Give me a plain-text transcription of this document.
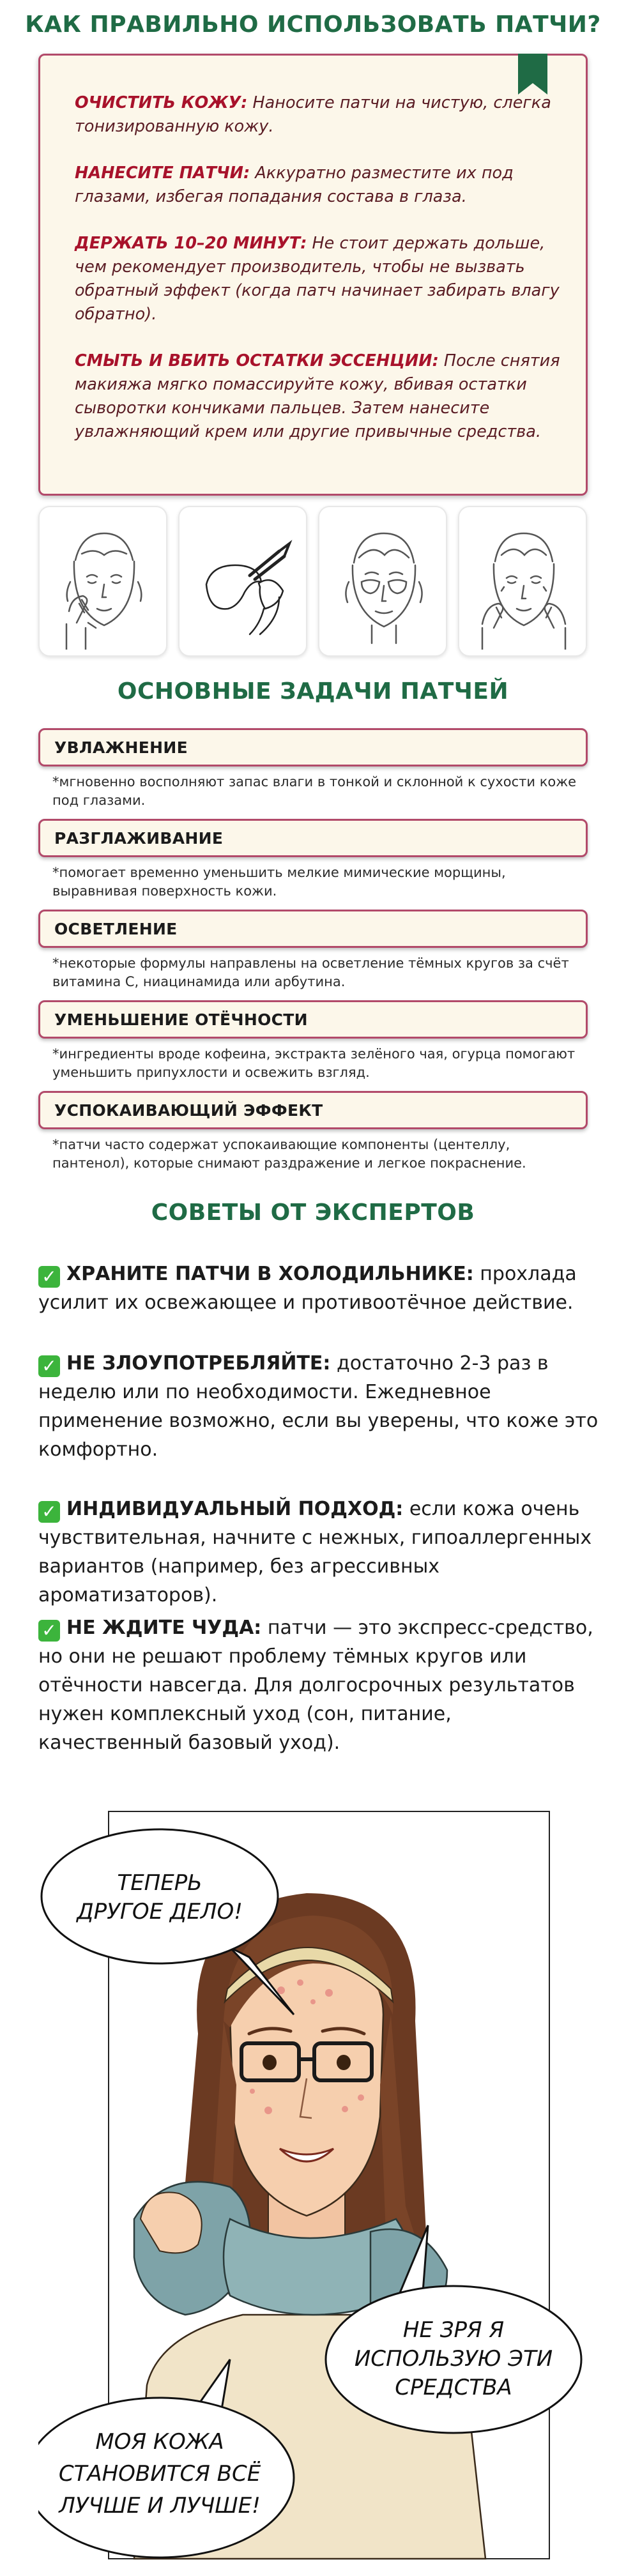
КАК ПРАВИЛЬНО ИСПОЛЬЗОВАТЬ ПАТЧИ?

ОЧИСТИТЬ КОЖУ: Наносите патчи на чистую, слегка тонизированную кожу.

НАНЕСИТЕ ПАТЧИ: Аккуратно разместите их под глазами, избегая попадания состава в глаза.

ДЕРЖАТЬ 10–20 МИНУТ: Не стоит держать дольше, чем рекомендует производитель, чтобы не вызвать обратный эффект (когда патч начинает забирать влагу обратно).

СМЫТЬ И ВБИТЬ ОСТАТКИ ЭССЕНЦИИ: После снятия макияжа мягко помассируйте кожу, вбивая остатки сыворотки кончиками пальцев. Затем нанесите увлажняющий крем или другие привычные средства.

ОСНОВНЫЕ ЗАДАЧИ ПАТЧЕЙ
УВЛАЖНЕНИЕ

*мгновенно восполняют запас влаги в тонкой и склонной к сухости коже под глазами.

РАЗГЛАЖИВАНИЕ

*помогает временно уменьшить мелкие мимические морщины, выравнивая поверхность кожи.

ОСВЕТЛЕНИЕ

*некоторые формулы направлены на осветление тёмных кругов за счёт витамина С, ниацинамида или арбутина.

УМЕНЬШЕНИЕ ОТЁЧНОСТИ

*ингредиенты вроде кофеина, экстракта зелёного чая, огурца помогают уменьшить припухлости и освежить взгляд.

УСПОКАИВАЮЩИЙ ЭФФЕКТ

*патчи часто содержат успокаивающие компоненты (центеллу, пантенол), которые снимают раздражение и легкое покраснение.

СОВЕТЫ ОТ ЭКСПЕРТОВ

✓ ХРАНИТЕ ПАТЧИ В ХОЛОДИЛЬНИКЕ: прохлада усилит их освежающее и противоотёчное действие.

✓ НЕ ЗЛОУПОТРЕБЛЯЙТЕ: достаточно 2-3 раз в неделю или по необходимости. Ежедневное применение возможно, если вы уверены, что коже это комфортно.

✓ ИНДИВИДУАЛЬНЫЙ ПОДХОД: если кожа очень чувствительная, начните с нежных, гипоаллергенных вариантов (например, без агрессивных ароматизаторов).

✓ НЕ ЖДИТЕ ЧУДА: патчи — это экспресс-средство, но они не решают проблему тёмных кругов или отёчности навсегда. Для долгосрочных результатов нужен комплексный уход (сон, питание, качественный базовый уход).

ТЕПЕРЬ
ДРУГОЕ ДЕЛО!
НЕ ЗРЯ Я
ИСПОЛЬЗУЮ ЭТИ
СРЕДСТВА
МОЯ КОЖА
СТАНОВИТСЯ ВСЁ
ЛУЧШЕ И ЛУЧШЕ!
